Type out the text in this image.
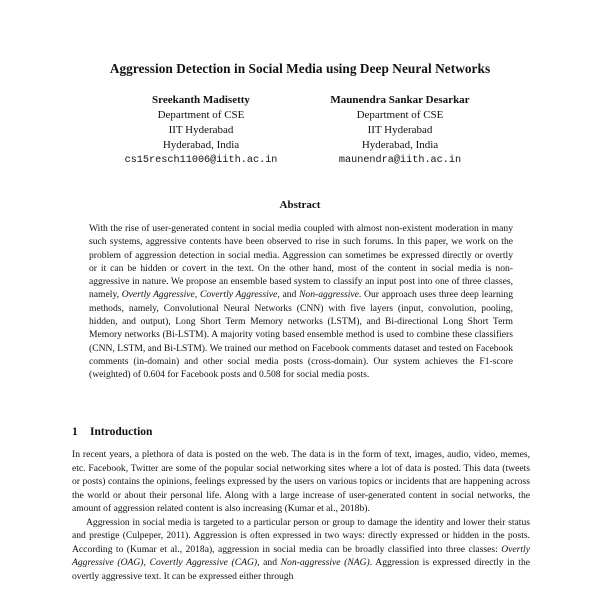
Aggression Detection in Social Media using Deep Neural Networks
Sreekanth Madisetty
Department of CSE
IIT Hyderabad
Hyderabad, India
cs15resch11006@iith.ac.in
Maunendra Sankar Desarkar
Department of CSE
IIT Hyderabad
Hyderabad, India
maunendra@iith.ac.in
Abstract

With the rise of user-generated content in social media coupled with almost non-existent moderation in many such systems, aggressive contents have been observed to rise in such forums. In this paper, we work on the problem of aggression detection in social media. Aggression can sometimes be expressed directly or overtly or it can be hidden or covert in the text. On the other hand, most of the content in social media is non-aggressive in nature. We propose an ensemble based system to classify an input post into one of three classes, namely, Overtly Aggressive, Covertly Aggressive, and Non-aggressive. Our approach uses three deep learning methods, namely, Convolutional Neural Networks (CNN) with five layers (input, convolution, pooling, hidden, and output), Long Short Term Memory networks (LSTM), and Bi-directional Long Short Term Memory networks (Bi-LSTM). A majority voting based ensemble method is used to combine these classifiers (CNN, LSTM, and Bi-LSTM). We trained our method on Facebook comments dataset and tested on Facebook comments (in-domain) and other social media posts (cross-domain). Our system achieves the F1-score (weighted) of 0.604 for Facebook posts and 0.508 for social media posts.

1 Introduction

In recent years, a plethora of data is posted on the web. The data is in the form of text, images, audio, video, memes, etc. Facebook, Twitter are some of the popular social networking sites where a lot of data is posted. This data (tweets or posts) contains the opinions, feelings expressed by the users on various topics or incidents that are happening across the world or about their personal life. Along with a large increase of user-generated content in social networks, the amount of aggression related content is also increasing (Kumar et al., 2018b).

Aggression in social media is targeted to a particular person or group to damage the identity and lower their status and prestige (Culpeper, 2011). Aggression is often expressed in two ways: directly expressed or hidden in the posts. According to (Kumar et al., 2018a), aggression in social media can be broadly classified into three classes: Overtly Aggressive (OAG), Covertly Aggressive (CAG), and Non-aggressive (NAG). Aggression is expressed directly in the overtly aggressive text. It can be expressed either through
